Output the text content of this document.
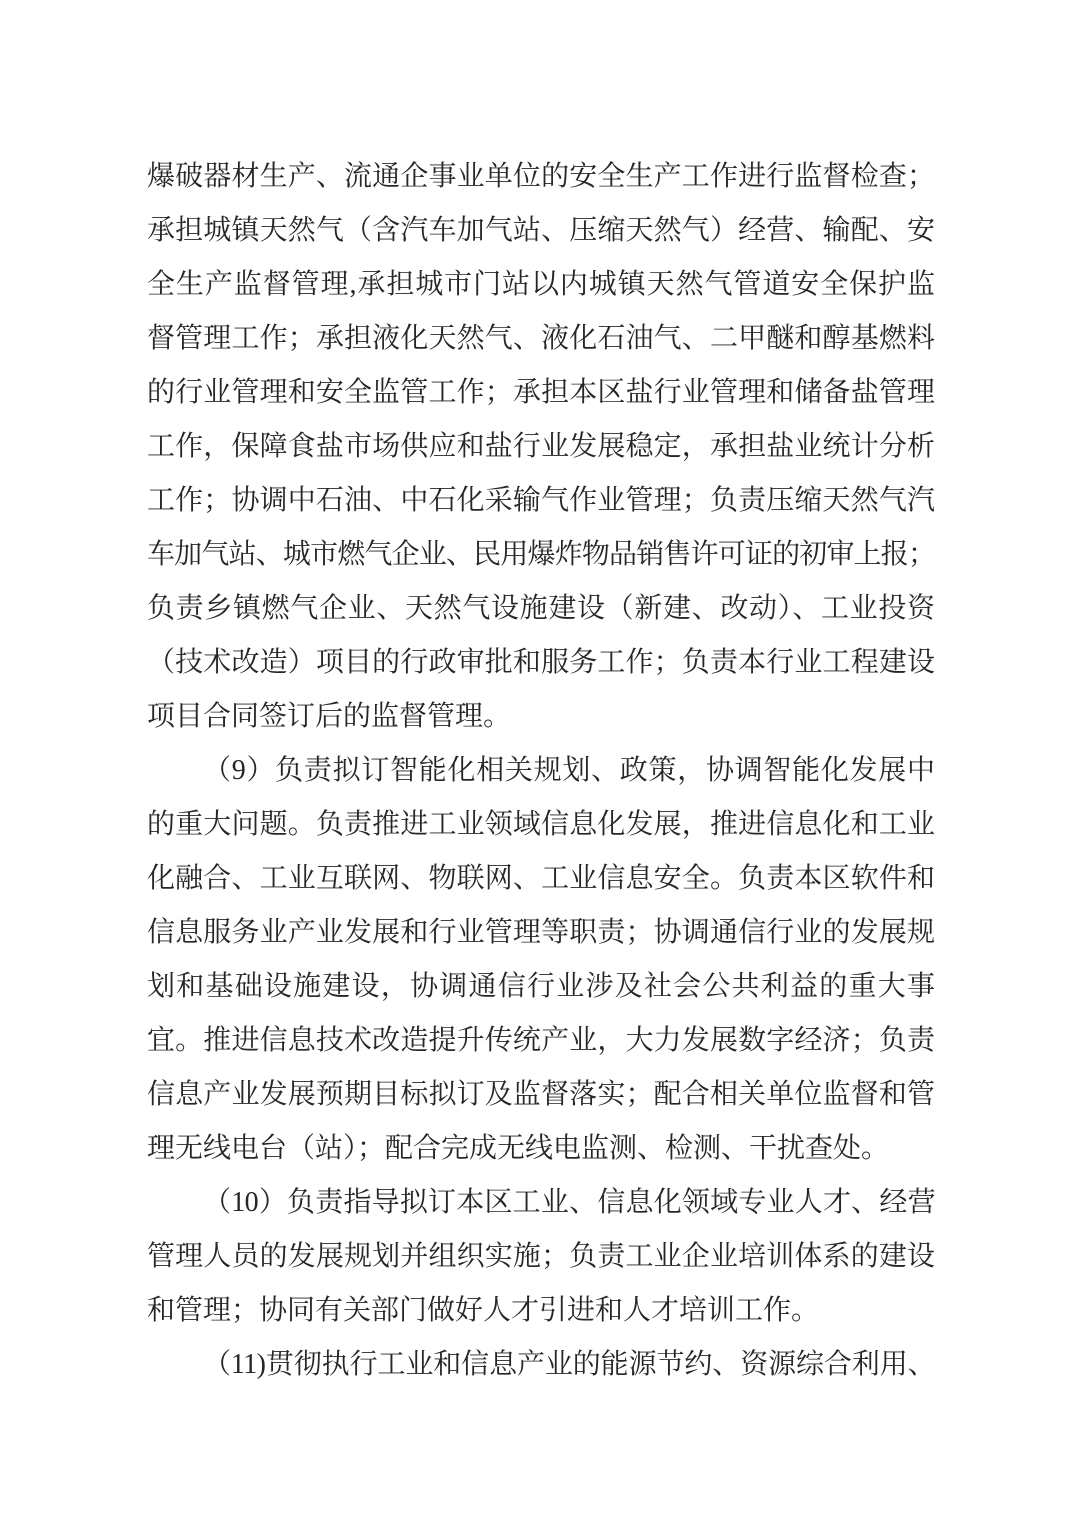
爆破器材生产、流通企事业单位的安全生产工作进行监督检查；
承担城镇天然气（含汽车加气站、压缩天然气）经营、输配、安
全生产监督管理,承担城市门站以内城镇天然气管道安全保护监
督管理工作；承担液化天然气、液化石油气、二甲醚和醇基燃料
的行业管理和安全监管工作；承担本区盐行业管理和储备盐管理
工作，保障食盐市场供应和盐行业发展稳定，承担盐业统计分析
工作；协调中石油、中石化采输气作业管理；负责压缩天然气汽
车加气站、城市燃气企业、民用爆炸物品销售许可证的初审上报；
负责乡镇燃气企业、天然气设施建设（新建、改动）、工业投资
（技术改造）项目的行政审批和服务工作；负责本行业工程建设
项目合同签订后的监督管理。
（9）负责拟订智能化相关规划、政策，协调智能化发展中
的重大问题。负责推进工业领域信息化发展，推进信息化和工业
化融合、工业互联网、物联网、工业信息安全。负责本区软件和
信息服务业产业发展和行业管理等职责；协调通信行业的发展规
划和基础设施建设，协调通信行业涉及社会公共利益的重大事
宜。推进信息技术改造提升传统产业，大力发展数字经济；负责
信息产业发展预期目标拟订及监督落实；配合相关单位监督和管
理无线电台（站）；配合完成无线电监测、检测、干扰查处。
（10）负责指导拟订本区工业、信息化领域专业人才、经营
管理人员的发展规划并组织实施；负责工业企业培训体系的建设
和管理；协同有关部门做好人才引进和人才培训工作。
（11)贯彻执行工业和信息产业的能源节约、资源综合利用、
